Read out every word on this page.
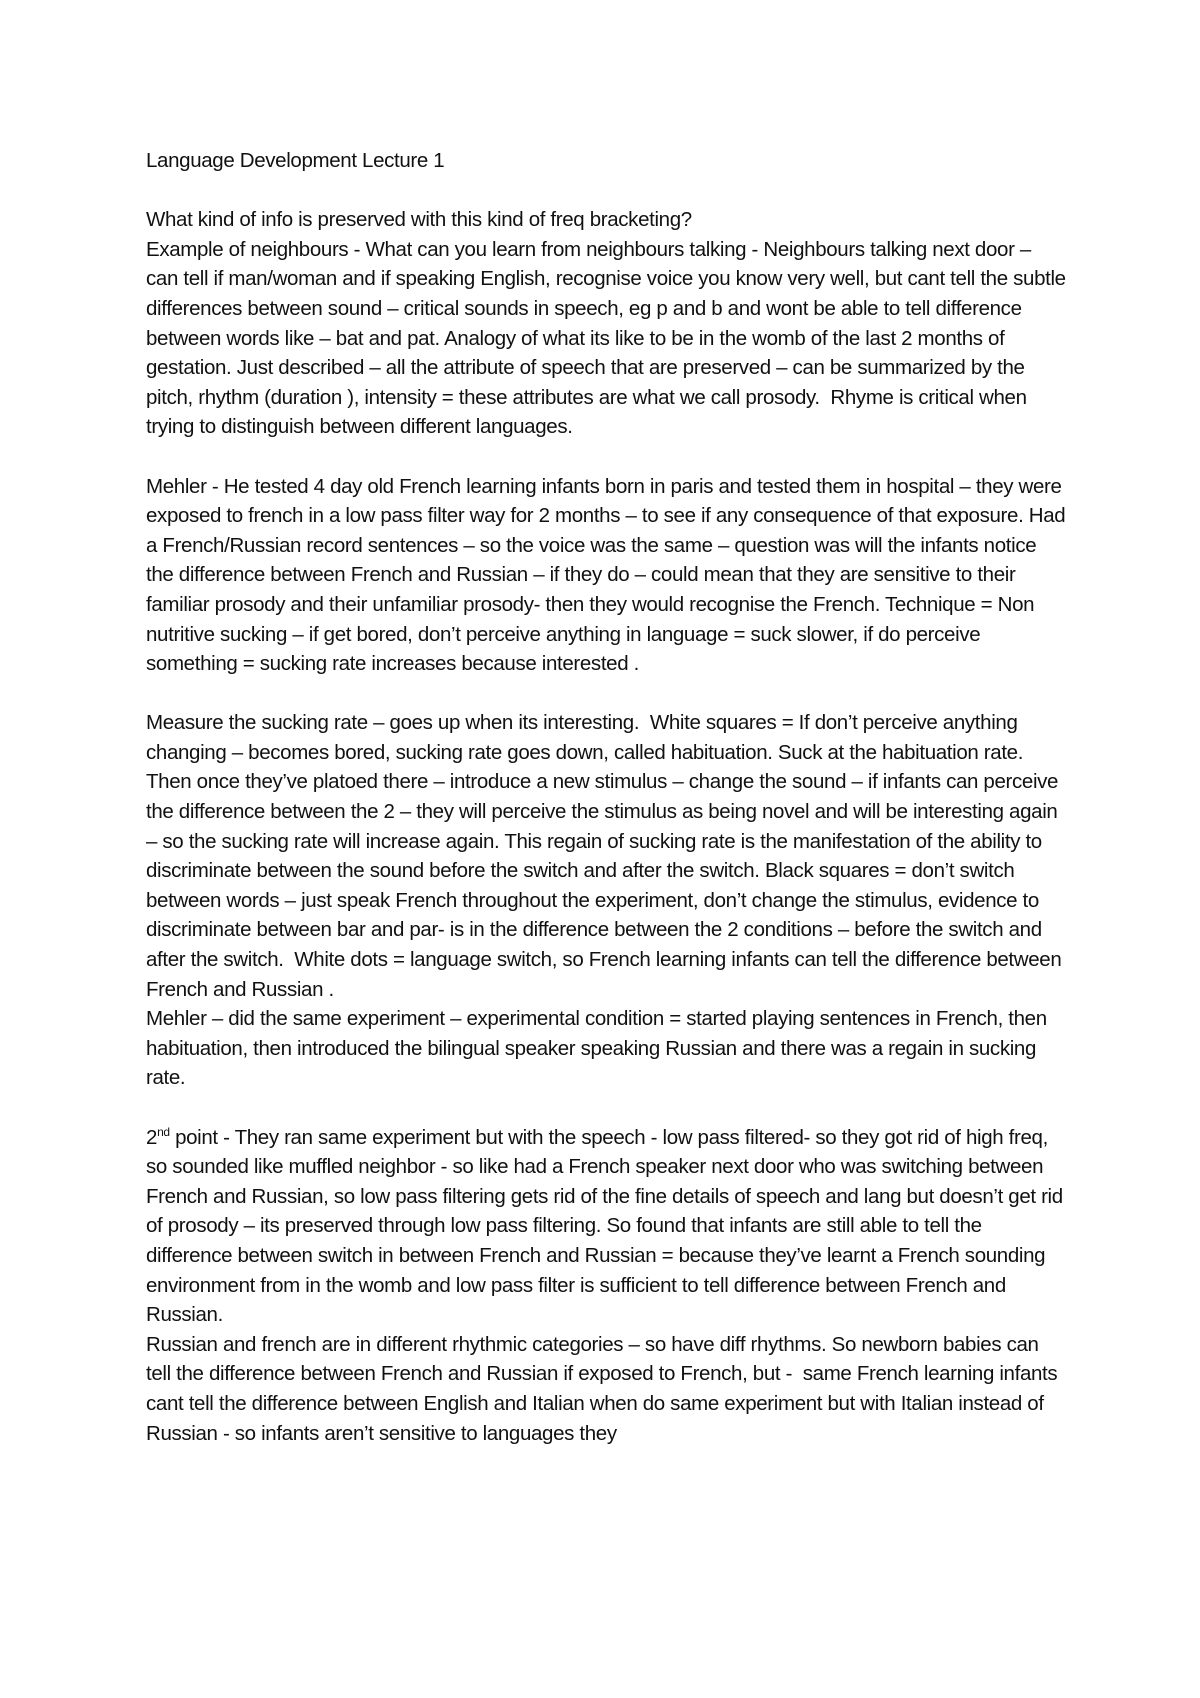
Language Development Lecture 1

What kind of info is preserved with this kind of freq bracketing?

Example of neighbours - What can you learn from neighbours talking - Neighbours talking next door – can tell if man/woman and if speaking English, recognise voice you know very well, but cant tell the subtle differences between sound – critical sounds in speech, eg p and b and wont be able to tell difference between words like – bat and pat. Analogy of what its like to be in the womb of the last 2 months of gestation. Just described – all the attribute of speech that are preserved – can be summarized by the pitch, rhythm (duration ), intensity = these attributes are what we call prosody.  Rhyme is critical when trying to distinguish between different languages.

Mehler - He tested 4 day old French learning infants born in paris and tested them in hospital – they were exposed to french in a low pass filter way for 2 months – to see if any consequence of that exposure. Had a French/Russian record sentences – so the voice was the same – question was will the infants notice the difference between French and Russian – if they do – could mean that they are sensitive to their familiar prosody and their unfamiliar prosody- then they would recognise the French. Technique = Non nutritive sucking – if get bored, don’t perceive anything in language = suck slower, if do perceive something = sucking rate increases because interested .

Measure the sucking rate – goes up when its interesting.  White squares = If don’t perceive anything changing – becomes bored, sucking rate goes down, called habituation. Suck at the habituation rate. Then once they’ve platoed there – introduce a new stimulus – change the sound – if infants can perceive the difference between the 2 – they will perceive the stimulus as being novel and will be interesting again – so the sucking rate will increase again. This regain of sucking rate is the manifestation of the ability to discriminate between the sound before the switch and after the switch. Black squares = don’t switch between words – just speak French throughout the experiment, don’t change the stimulus, evidence to discriminate between bar and par- is in the difference between the 2 conditions – before the switch and after the switch.  White dots = language switch, so French learning infants can tell the difference between French and Russian .

Mehler – did the same experiment – experimental condition = started playing sentences in French, then habituation, then introduced the bilingual speaker speaking Russian and there was a regain in sucking rate.

2nd point - They ran same experiment but with the speech - low pass filtered- so they got rid of high freq, so sounded like muffled neighbor - so like had a French speaker next door who was switching between French and Russian, so low pass filtering gets rid of the fine details of speech and lang but doesn’t get rid of prosody – its preserved through low pass filtering. So found that infants are still able to tell the difference between switch in between French and Russian = because they’ve learnt a French sounding environment from in the womb and low pass filter is sufficient to tell difference between French and Russian.

Russian and french are in different rhythmic categories – so have diff rhythms. So newborn babies can tell the difference between French and Russian if exposed to French, but -  same French learning infants cant tell the difference between English and Italian when do same experiment but with Italian instead of Russian - so infants aren’t sensitive to languages they
